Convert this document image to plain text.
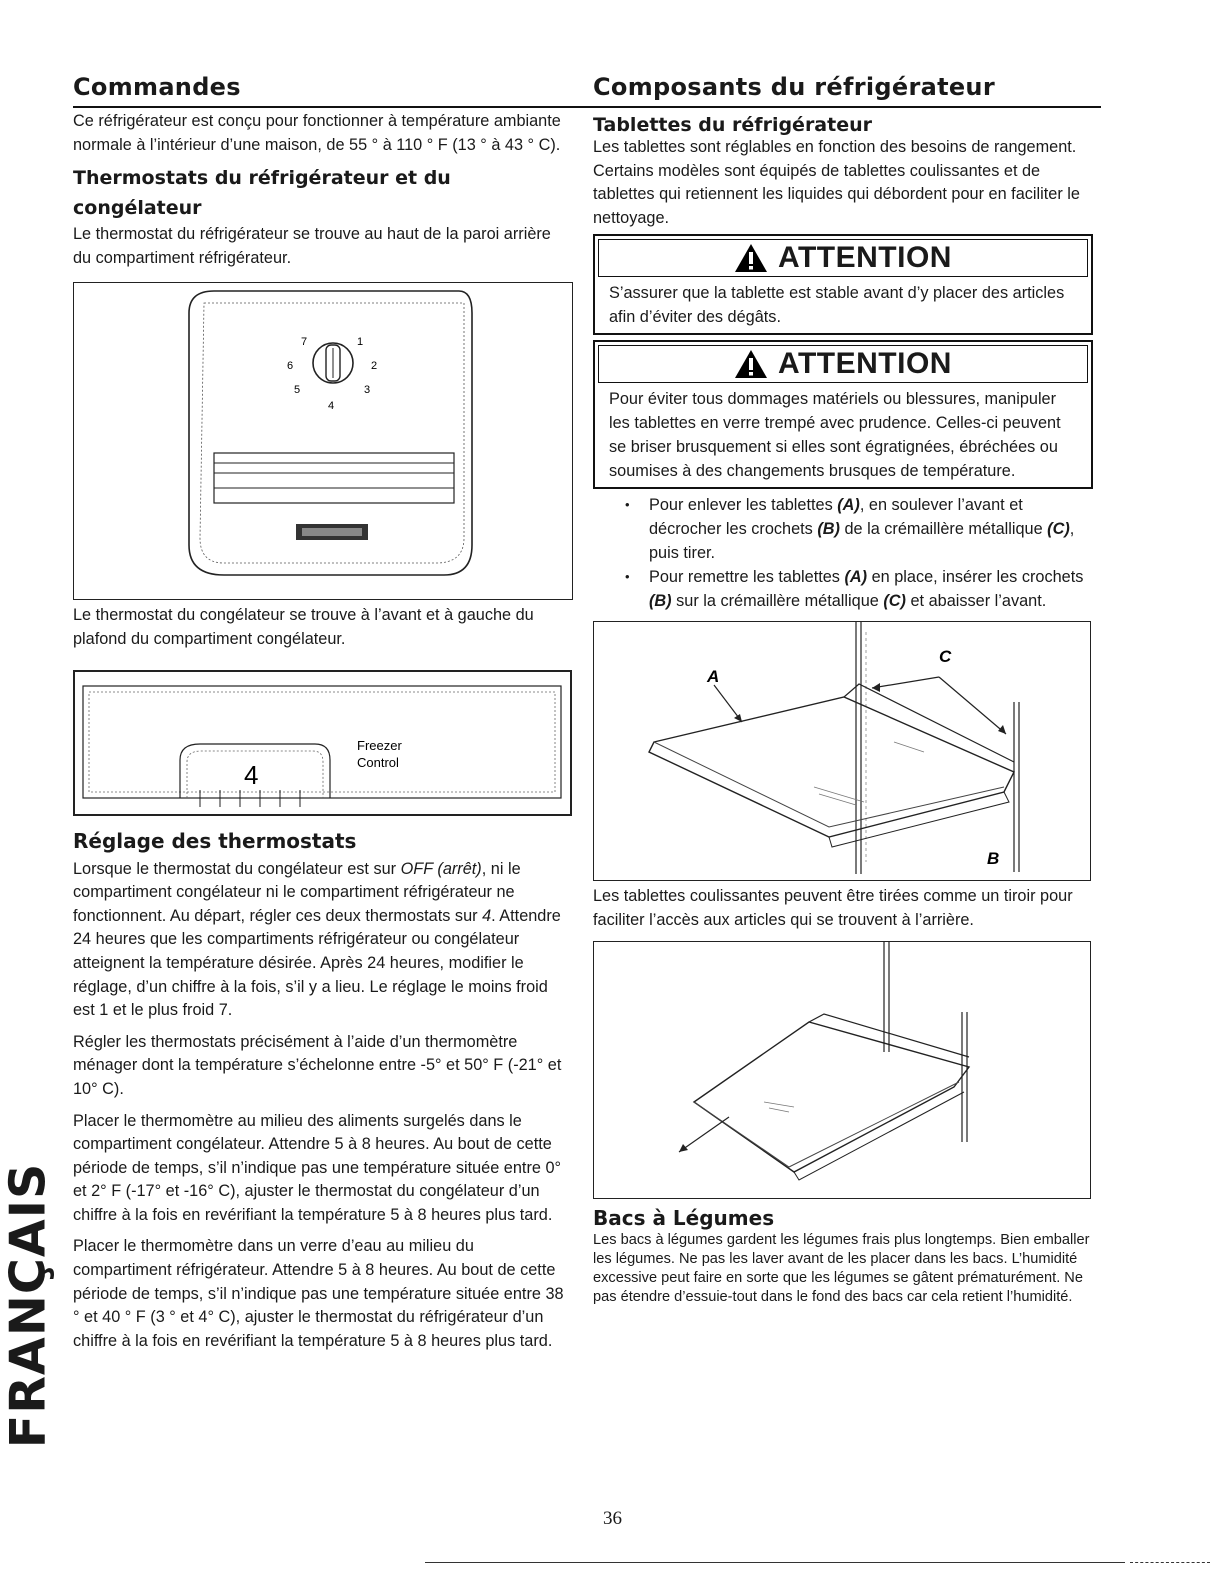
Commandes

Ce réfrigérateur est conçu pour fonctionner à température ambiante normale à l’intérieur d’une maison, de 55 ° à 110 ° F (13 ° à 43 ° C).

Thermostats du réfrigérateur et du congélateur

Le thermostat du réfrigérateur se trouve au haut de la paroi arrière du compartiment réfrigérateur.

7	1
6	2
5	3
4

Le thermostat du congélateur se trouve à l’avant et à gauche du plafond du compartiment congélateur.

4
Freezer
Control
Réglage des thermostats

Lorsque le thermostat du congélateur est sur OFF (arrêt), ni le compartiment congélateur ni le compartiment réfrigérateur ne fonctionnent. Au départ, régler ces deux thermostats sur 4. Attendre 24 heures que les compartiments réfrigérateur ou congélateur atteignent la température désirée. Après 24 heures, modifier le réglage, d’un chiffre à la fois, s’il y a lieu. Le réglage le moins froid est 1 et le plus froid 7.

Régler les thermostats précisément à l’aide d’un thermomètre ménager dont la température s’échelonne entre -5° et 50° F (-21° et 10° C).

Placer le thermomètre au milieu des aliments surgelés dans le compartiment congélateur. Attendre 5 à 8 heures. Au bout de cette période de temps, s’il n’indique pas une température située entre 0° et 2° F (-17° et -16° C), ajuster le thermostat du congélateur d’un chiffre à la fois en revérifiant la température 5 à 8 heures plus tard.

Placer le thermomètre dans un verre d’eau au milieu du compartiment réfrigérateur. Attendre 5 à 8 heures. Au bout de cette période de temps, s’il n’indique pas une température située entre 38 ° et 40 ° F (3 ° et 4° C), ajuster le thermostat du réfrigérateur d’un chiffre à la fois en revérifiant la température 5 à 8 heures plus tard.

Composants du réfrigérateur
Tablettes du réfrigérateur

Les tablettes sont réglables en fonction des besoins de rangement. Certains modèles sont équipés de tablettes coulissantes et de tablettes qui retiennent les liquides qui débordent pour en faciliter le nettoyage.

ATTENTION
S’assurer que la tablette est stable avant d’y placer des articles afin d’éviter des dégâts.
ATTENTION
Pour éviter tous dommages matériels ou blessures, manipuler les tablettes en verre trempé avec prudence. Celles-ci peuvent se briser brusquement si elles sont égratignées, ébréchées ou soumises à des changements brusques de température.
• Pour enlever les tablettes (A), en soulever l’avant et décrocher les crochets (B) de la crémaillère métallique (C), puis tirer.
• Pour remettre les tablettes (A) en place, insérer les crochets (B) sur la crémaillère métallique (C) et abaisser l’avant.
A
C
B

Les tablettes coulissantes peuvent être tirées comme un tiroir pour faciliter l’accès aux articles qui se trouvent à l’arrière.

Bacs à Légumes

Les bacs à légumes gardent les légumes frais plus longtemps. Bien emballer les légumes. Ne pas les laver avant de les placer dans les bacs. L’humidité excessive peut faire en sorte que les légumes se gâtent prématurément. Ne pas étendre d’essuie-tout dans le fond des bacs car cela retient l’humidité.

FRANÇAIS
36
